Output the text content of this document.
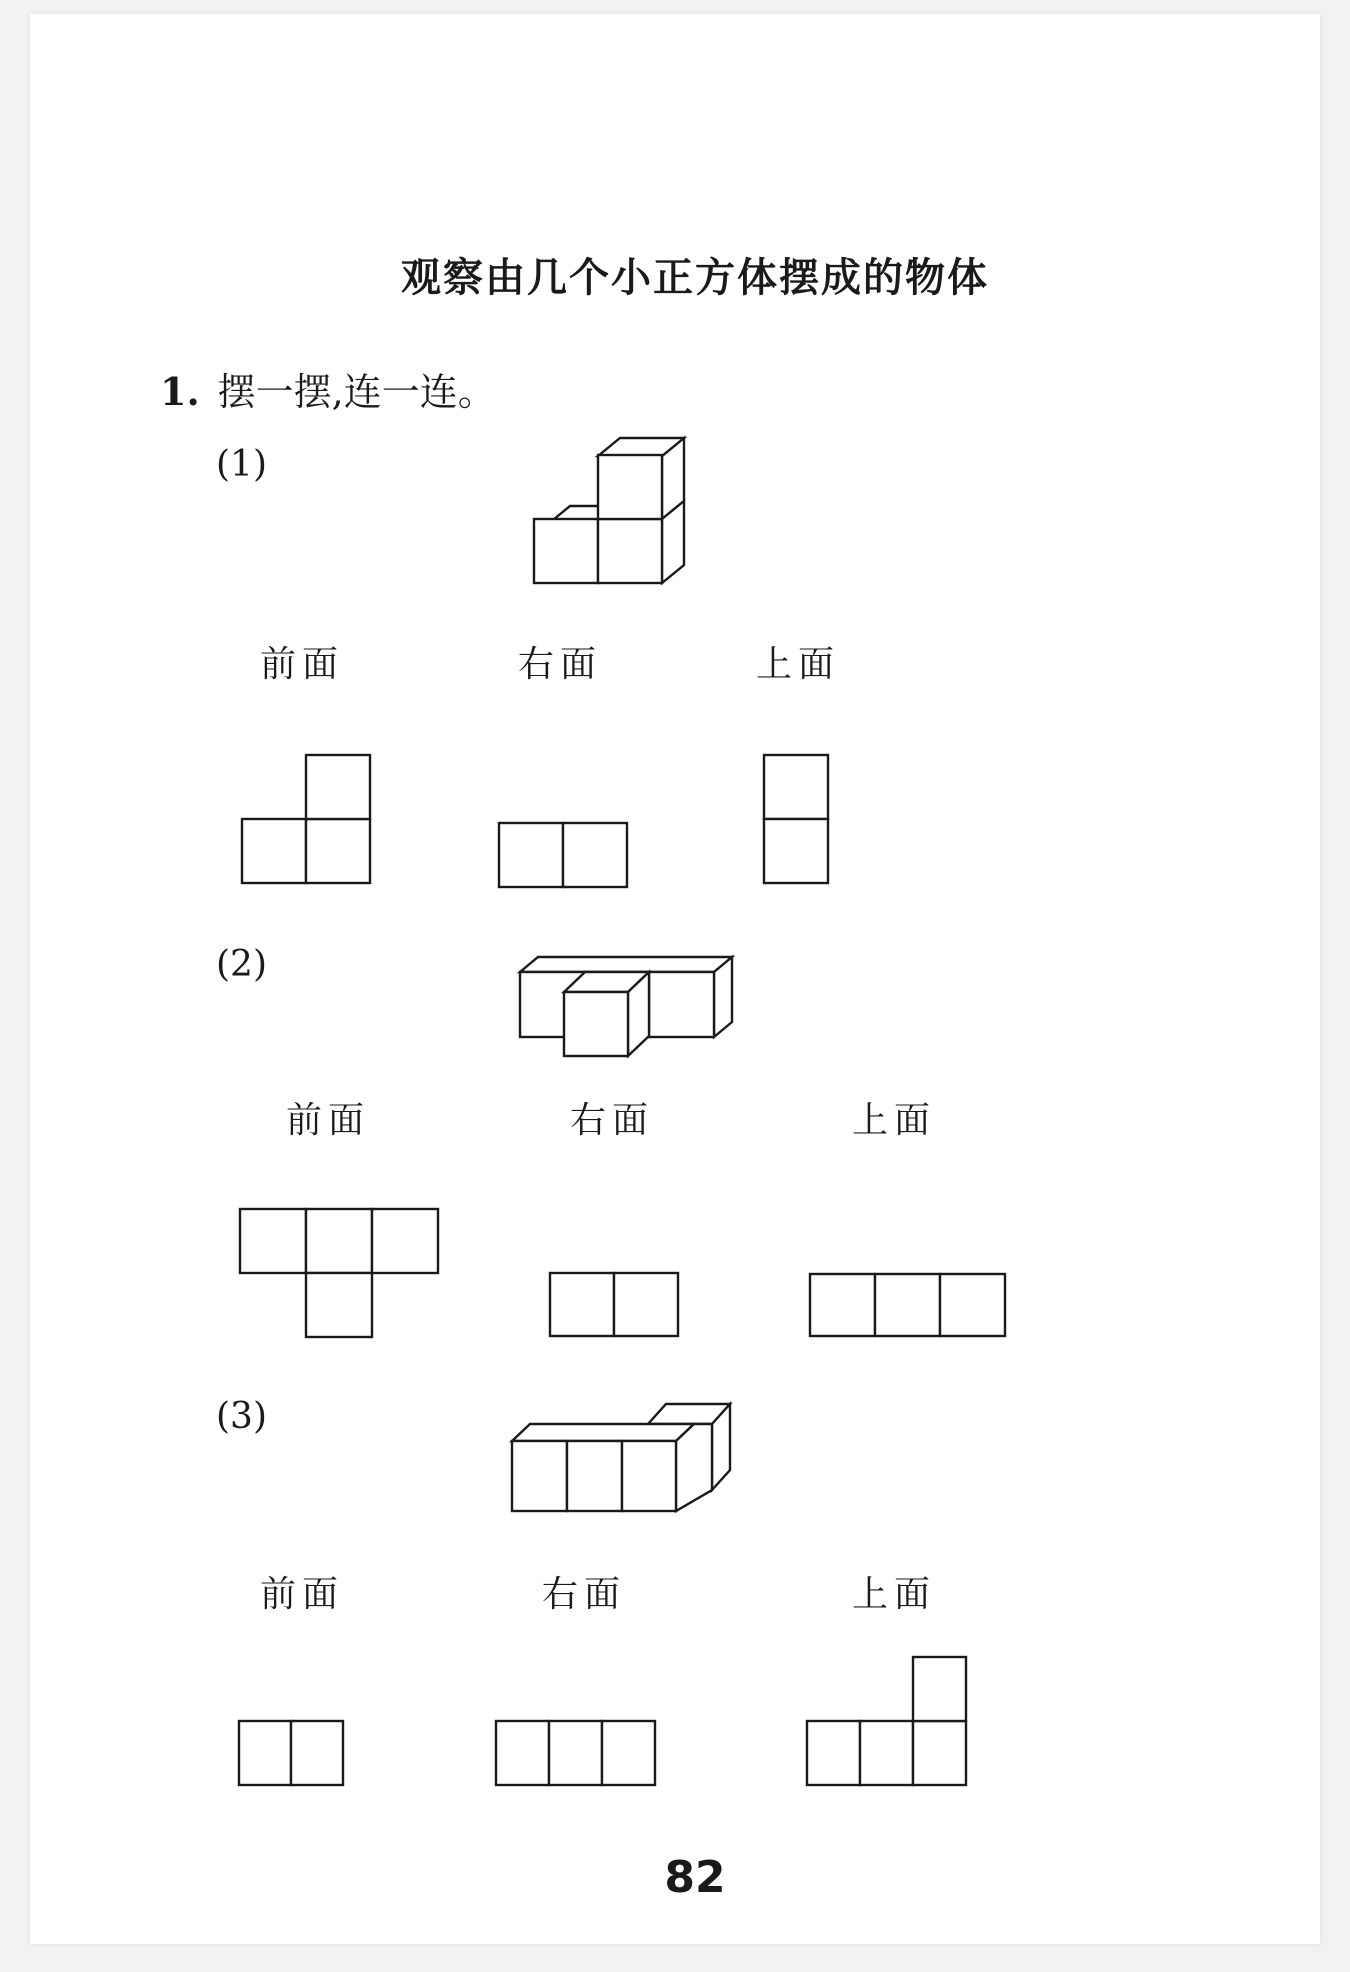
观察由几个小正方体摆成的物体
1. 摆一摆,连一连。
(1)
前面	右面	上面
(2)
前面	右面	上面
(3)
前面	右面	上面
82
